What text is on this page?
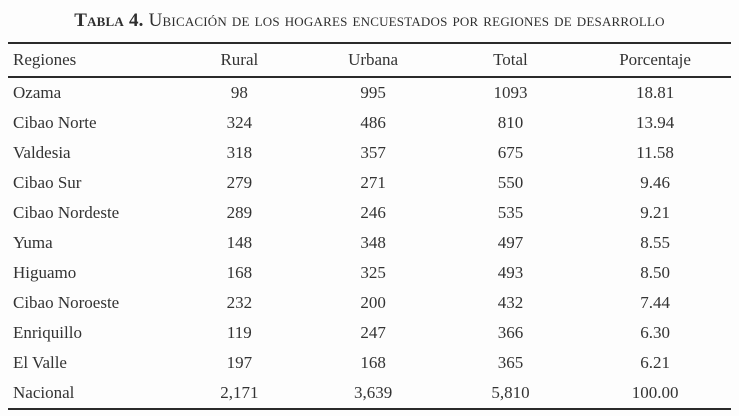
Tabla 4. Ubicación de los hogares encuestados por regiones de desarrollo
Regiones	Rural	Urbana	Total	Porcentaje
Ozama	98	995	1093	18.81
Cibao Norte	324	486	810	13.94
Valdesia	318	357	675	11.58
Cibao Sur	279	271	550	9.46
Cibao Nordeste	289	246	535	9.21
Yuma	148	348	497	8.55
Higuamo	168	325	493	8.50
Cibao Noroeste	232	200	432	7.44
Enriquillo	119	247	366	6.30
El Valle	197	168	365	6.21
Nacional	2,171	3,639	5,810	100.00
